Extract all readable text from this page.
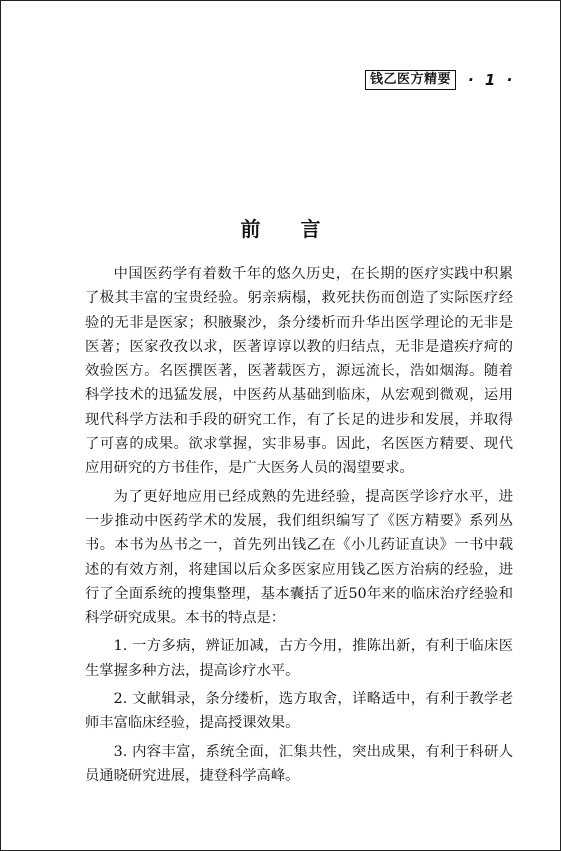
钱乙医方精要	· 1 ·
前言

中国医药学有着数千年的悠久历史，在长期的医疗实践中积累了极其丰富的宝贵经验。躬亲病榻，救死扶伤而创造了实际医疗经验的无非是医家；积腋聚沙，条分缕析而升华出医学理论的无非是医著；医家孜孜以求，医著谆谆以教的归结点，无非是遣疾疗疴的效验医方。名医撰医著，医著载医方，源远流长，浩如烟海。随着科学技术的迅猛发展，中医药从基础到临床，从宏观到微观，运用现代科学方法和手段的研究工作，有了长足的进步和发展，并取得了可喜的成果。欲求掌握，实非易事。因此，名医医方精要、现代应用研究的方书佳作，是广大医务人员的渴望要求。

为了更好地应用已经成熟的先进经验，提高医学诊疗水平，进一步推动中医药学术的发展，我们组织编写了《医方精要》系列丛书。本书为丛书之一，首先列出钱乙在《小儿药证直诀》一书中载述的有效方剂，将建国以后众多医家应用钱乙医方治病的经验，进行了全面系统的搜集整理，基本囊括了近50年来的临床治疗经验和科学研究成果。本书的特点是：

1. 一方多病，辨证加减，古方今用，推陈出新，有利于临床医生掌握多种方法，提高诊疗水平。

2. 文献辑录，条分缕析，选方取舍，详略适中，有利于教学老师丰富临床经验，提高授课效果。

3. 内容丰富，系统全面，汇集共性，突出成果，有利于科研人员通晓研究进展，捷登科学高峰。
